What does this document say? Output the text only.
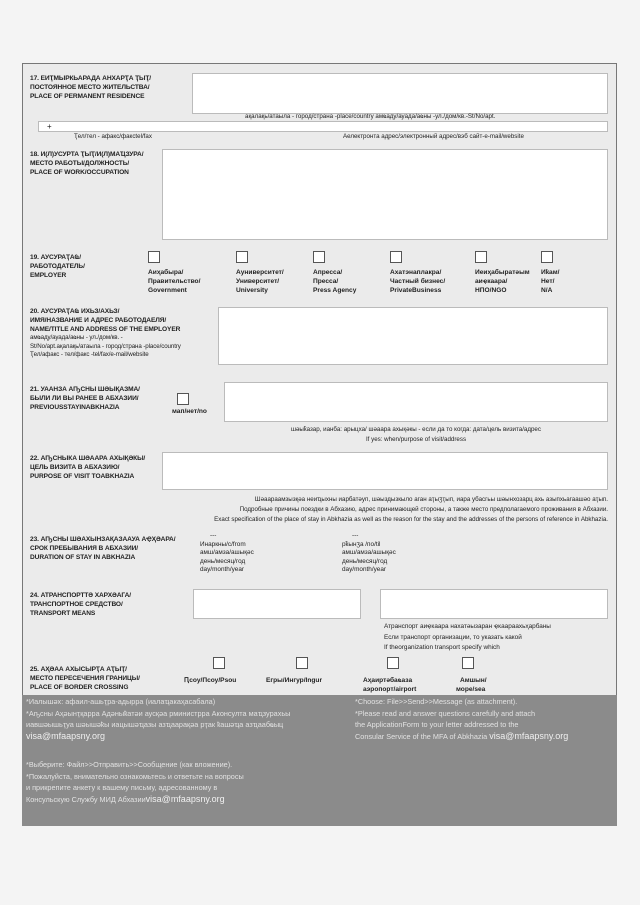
17. ЕИҬМЫРКЬАРАДА АНХАРҬА ҬЫҬ/
ПОСТОЯННОЕ МЕСТО ЖИТЕЛЬСТВА/
PLACE OF PERMANENT RESIDENCE
ақалақь/атаыла - город/страна -place/country амҩаду/ауада/аҩны -ул./дом/кв.-St/No/apt.
+
Ҭел/тел - афакс/факсtel/fax	Аелектронта адрес/электронный адрес/вэб сайт-e-mail/website
18. И(Л)УСУРТА ҬЫҬ/И(Л)МАҴЗУРА/
МЕСТО РАБОТЫ/ДОЛЖНОСТЬ/
PLACE OF WORK/OCCUPATION
19. АУСУРАҬАҨ/
РАБОТОДАТЕЛЬ/
EMPLOYER	Аиҳабыра/
Правительство/
Government
Ауниверситет/
Университет/
University
Апресса/
Пресса/
Press Agency
Ахатэнаплакра/
Частный бизнес/
PrivateBusiness
Иеиҳабыратәым
аиҿкаара/
НПО/NGO
Иҟам/
Нет/
N/A
20. АУСУРАҬАҨ ИХЬЗ/АХЬЗ/
ИМЯ/НАЗВАНИЕ И АДРЕС РАБОТОДАЕЛЯ/
NAME/TITLE AND ADDRESS OF THE EMPLOYER
амҩаду/ауада/аҩны - ул./дом/кв. -
St/No/apt.ақалақь/атаыла - город/страна -place/country
Ҭел/афакс - тел/факс -tel/fax/e-mail/website
21. УААНЗА АҦСНЫ ШӘЫҚАЗМА/
БЫЛИ ЛИ ВЫ РАНЕЕ В АБХАЗИИ/
PREVIOUSSTAYINABKHAZIA
мап/нет/no
шәыҟазар, ианба: арыцха/ шәаара ахықәкы - если да то когда: дата/цель визита/адрес
If yes: when/purpose of visit/address
22. АҦСНЫКА ШӘААРА АХЫҚӘКЫ/
ЦЕЛЬ ВИЗИТА В АБХАЗИЮ/
PURPOSE OF VISIT TOABKHAZIA
Шәаараамзызқәа неиҵыхны иарбатәуп, шәыздызкыло аган аҭыӡҭып, иара убасгьы шәынхозарц ахь азыпхьагаашәо аҭып.
Подробные причины поездки в Абхазию, адрес принимающей стороны, а также место предполагаемого проживания в Абхазии.
Exact specification of the place of stay in Abkhazia as well as the reason for the stay and the addresses of the persons of reference in Abkhazia.
23. АҦСНЫ ШӘАХЫНЗАҚАЗААУА АҾҲӘАРА/
СРОК ПРЕБЫВАНИЯ В АБХАЗИИ/
DURATION OF STAY IN ABKHAZIA
---
Инаркны/с/from
амш/амза/ашықәс
день/месяц/год
day/month/year
---
рҟынӡа /по/til
амш/амза/ашықәс
день/месяц/год
day/month/year
24. АТРАНСПОРТТӘ ХАРХӘАГА/
ТРАНСПОРТНОЕ СРЕДСТВО/
TRANSPORT MEANS
Атранспорт аиҿкаара нахатәызаран ҿкаараахьҳарбаны
Если транспорт организации, то указать какой
If theorganization transport specify which
25. АҲӘАА АХЫСЫРҬА АҬЫҬ/
МЕСТО ПЕРЕСЕЧЕНИЯ ГРАНИЦЫ/
PLACE OF BORDER CROSSING
Ԥсоу/Псоу/Psou	Егры/Ингур/Ingur	Аҳаиртәбаҩаза
аэропорт/airport
Амшын/
море/sea
*Иалышәх: афаил-ашьҭра-адырра (иалаҵакаҳасабала)
*Аҧсны Аҳәынҭқарра Адәныҟатәи аусқәа рминистрра Аконсулта маҵзурахьы
иавшәышьҭуа шәышәҟы иацышәҵазы азҵаарақәа рҭак ҟашәҵа азҵаабҩыц
visa@mfaapsny.org
*Выберите: Файл>>Отправить>>Сообщение (как вложение).
*Пожалуйста, внимательно ознакомьтесь и ответьте на вопросы
и прикрепите анкету к вашему письму, адресованному в
Консульскую Службу МИД Абхазииvisa@mfaapsny.org
*Choose: File>>Send>>Message (as attachment).
*Please read and answer questions carefully and attach
the ApplicationForm to your letter addressed to the
Consular Service of the MFA of Abkhazia visa@mfaapsny.org
